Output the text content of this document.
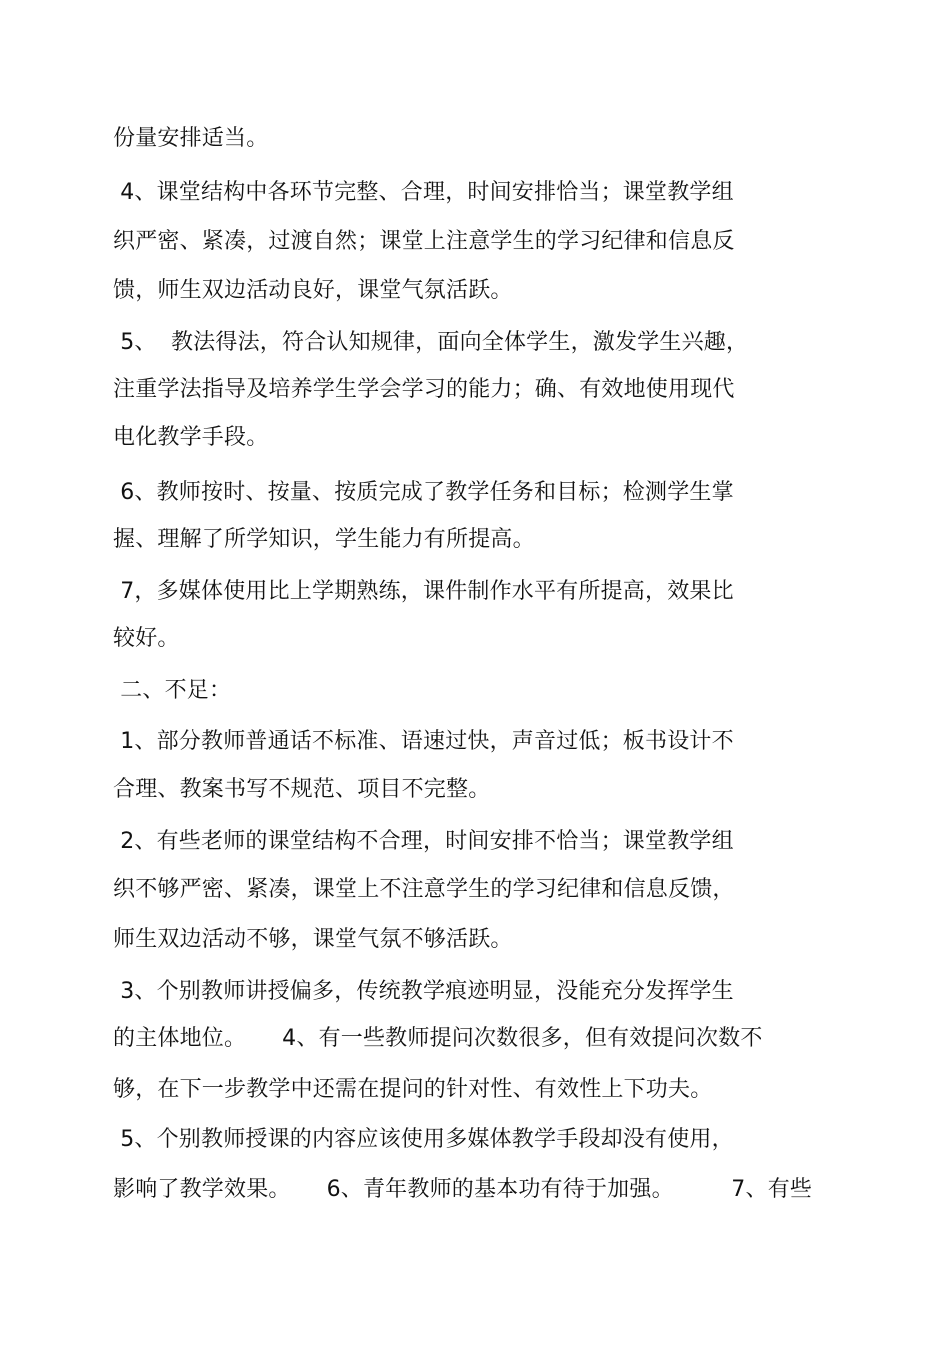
份量安排适当。
4、课堂结构中各环节完整、合理，时间安排恰当；课堂教学组
织严密、紧凑，过渡自然；课堂上注意学生的学习纪律和信息反
馈，师生双边活动良好，课堂气氛活跃。
5、  教法得法，符合认知规律，面向全体学生，激发学生兴趣，
注重学法指导及培养学生学会学习的能力；确、有效地使用现代
电化教学手段。
6、教师按时、按量、按质完成了教学任务和目标；检测学生掌
握、理解了所学知识，学生能力有所提高。
7，多媒体使用比上学期熟练，课件制作水平有所提高，效果比
较好。
二、不足：
1、部分教师普通话不标准、语速过快，声音过低；板书设计不
合理、教案书写不规范、项目不完整。
2、有些老师的课堂结构不合理，时间安排不恰当；课堂教学组
织不够严密、紧凑，课堂上不注意学生的学习纪律和信息反馈，
师生双边活动不够，课堂气氛不够活跃。
3、个别教师讲授偏多，传统教学痕迹明显，没能充分发挥学生
的主体地位。     4、有一些教师提问次数很多，但有效提问次数不
够，在下一步教学中还需在提问的针对性、有效性上下功夫。
5、个别教师授课的内容应该使用多媒体教学手段却没有使用，
影响了教学效果。     6、青年教师的基本功有待于加强。        7、有些
